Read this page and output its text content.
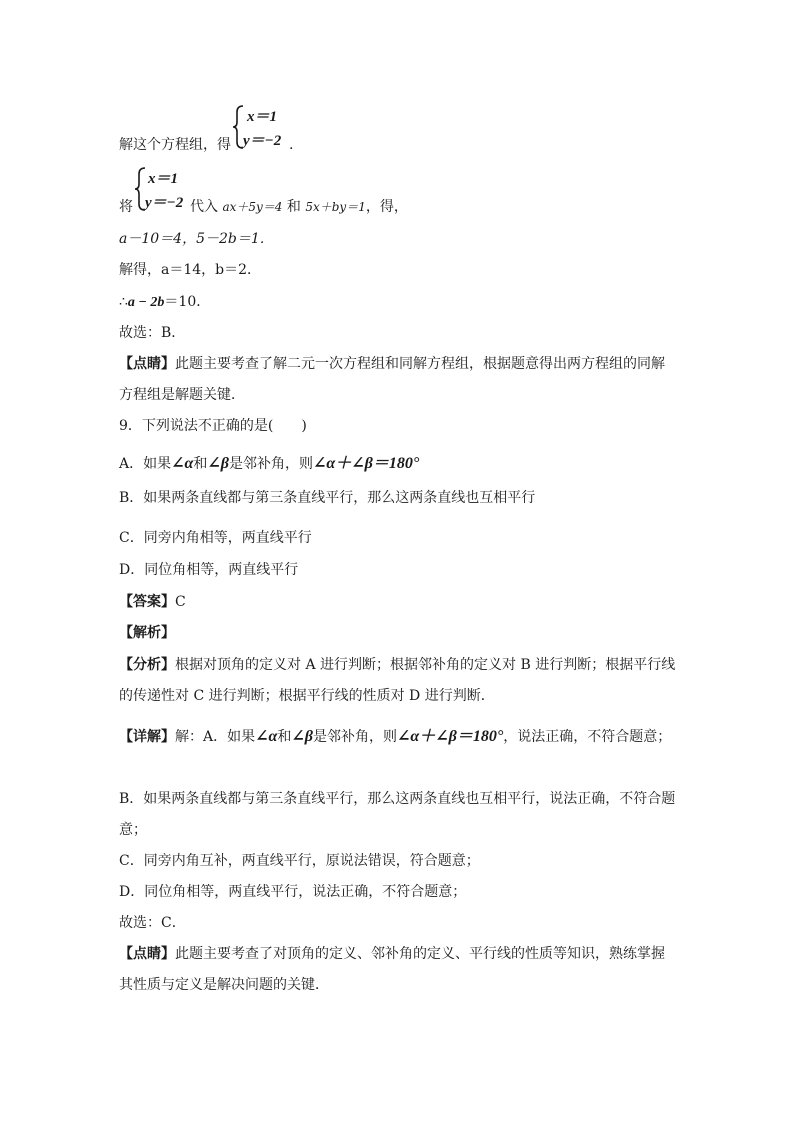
解这个方程组，得
x＝1
y＝−2 .
将
x＝1
y＝−2 代入 ax＋5y＝4 和 5x＋by＝1，得，
a－10＝4，5－2b＝1．
解得，a＝14，b＝2．
∴a − 2b＝10．
故选：B．
【点睛】此题主要考查了解二元一次方程组和同解方程组，根据题意得出两方程组的同解
方程组是解题关键．
9．下列说法不正确的是(　　)
A．如果∠α和∠β是邻补角，则∠α＋∠β＝180°
B．如果两条直线都与第三条直线平行，那么这两条直线也互相平行
C．同旁内角相等，两直线平行
D．同位角相等，两直线平行
【答案】C
【解析】
【分析】根据对顶角的定义对 A 进行判断；根据邻补角的定义对 B 进行判断；根据平行线
的传递性对 C 进行判断；根据平行线的性质对 D 进行判断．
【详解】解：A．如果∠α和∠β是邻补角，则∠α＋∠β＝180°，说法正确，不符合题意；
B．如果两条直线都与第三条直线平行，那么这两条直线也互相平行，说法正确，不符合题
意；
C．同旁内角互补，两直线平行，原说法错误，符合题意；
D．同位角相等，两直线平行，说法正确，不符合题意；
故选：C．
【点睛】此题主要考查了对顶角的定义、邻补角的定义、平行线的性质等知识，熟练掌握
其性质与定义是解决问题的关键．
